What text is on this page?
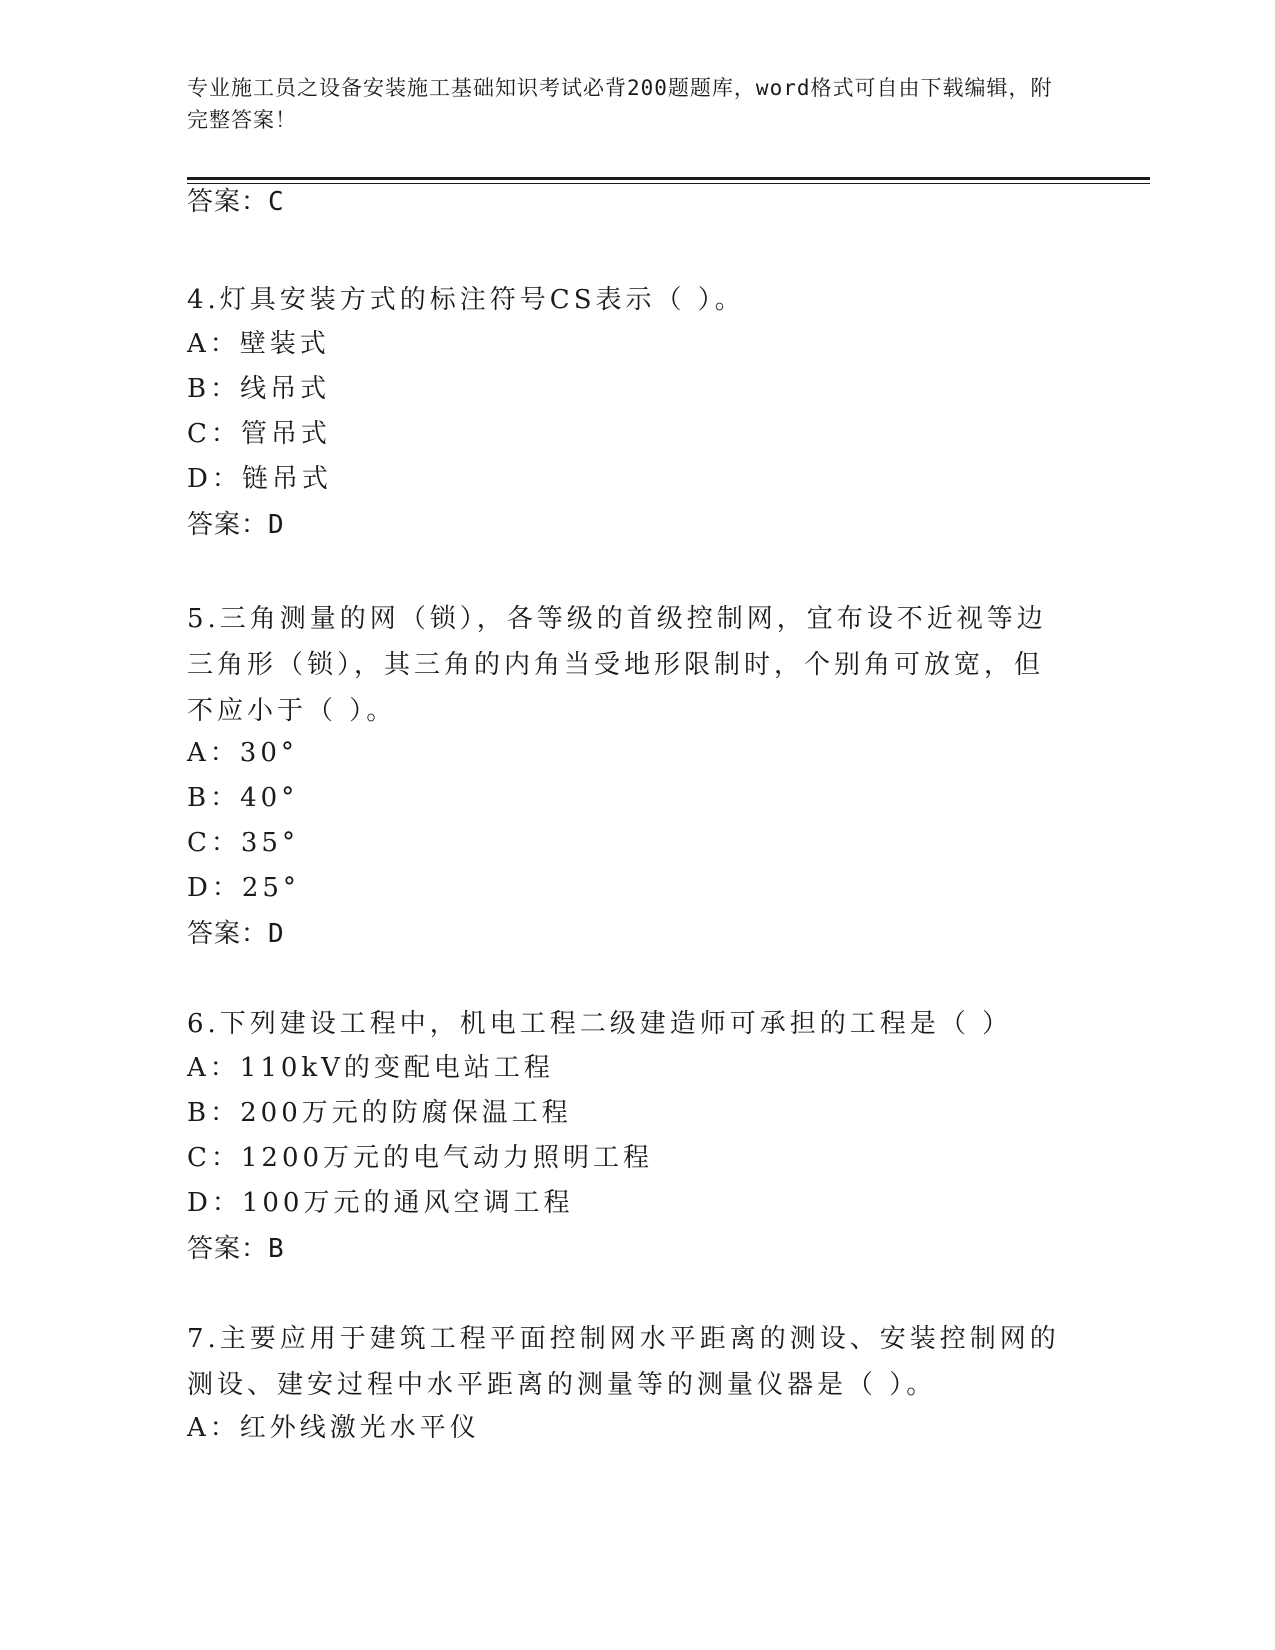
专业施工员之设备安装施工基础知识考试必背200题题库，word格式可自由下载编辑，附完整答案！
答案：C
4.灯具安装方式的标注符号CS表示（ ）。
A：壁装式
B：线吊式
C：管吊式
D：链吊式
答案：D
5.三角测量的网（锁），各等级的首级控制网，宜布设不近视等边三角形（锁），其三角的内角当受地形限制时，个别角可放宽，但不应小于（ ）。
A：30°
B：40°
C：35°
D：25°
答案：D
6.下列建设工程中，机电工程二级建造师可承担的工程是（ ）
A：110kV的变配电站工程
B：200万元的防腐保温工程
C：1200万元的电气动力照明工程
D：100万元的通风空调工程
答案：B
7.主要应用于建筑工程平面控制网水平距离的测设、安装控制网的测设、建安过程中水平距离的测量等的测量仪器是（ ）。
A：红外线激光水平仪
